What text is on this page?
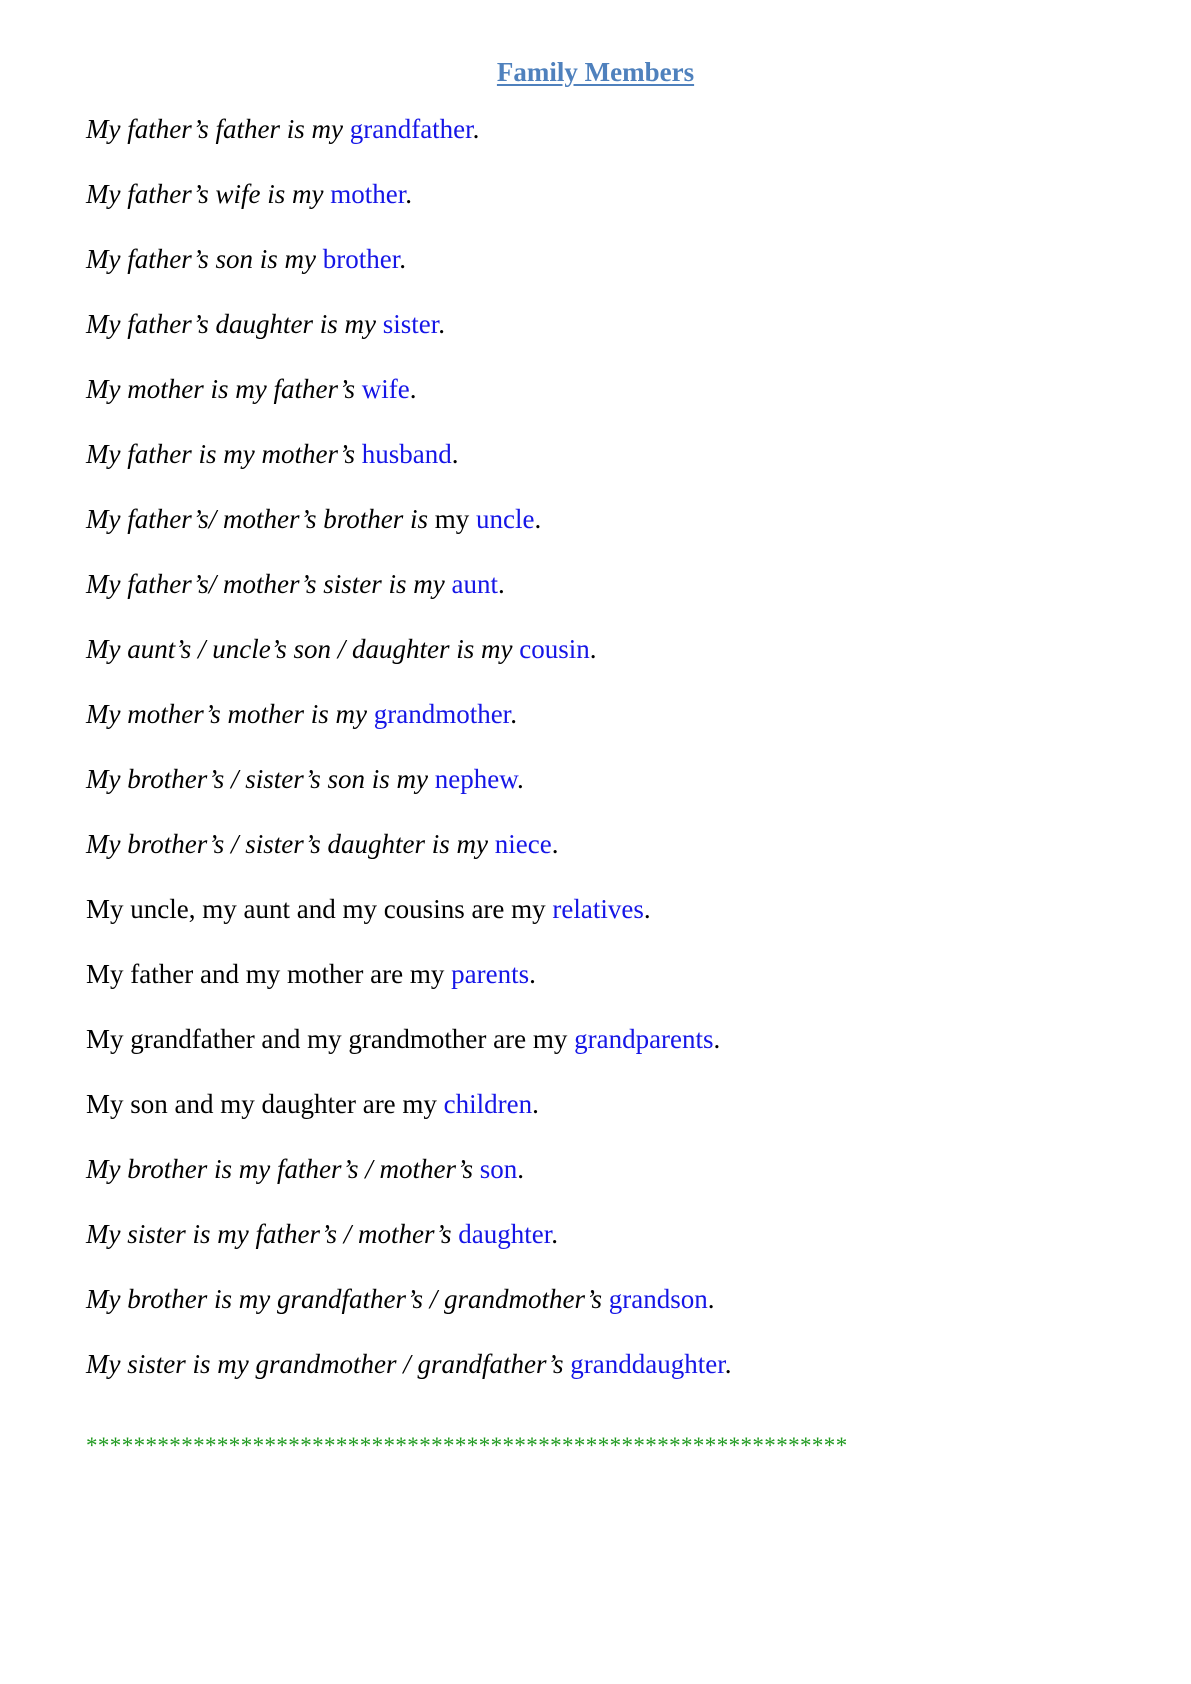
Family Members
My father’s father is my grandfather.
My father’s wife is my mother.
My father’s son is my brother.
My father’s daughter is my sister.
My mother is my father’s wife.
My father is my mother’s husband.
My father’s/ mother’s brother is my uncle.
My father’s/ mother’s sister is my aunt.
My aunt’s / uncle’s son / daughter is my cousin.
My mother’s mother is my grandmother.
My brother’s / sister’s son is my nephew.
My brother’s / sister’s daughter is my niece.
My uncle, my aunt and my cousins are my relatives.
My father and my mother are my parents.
My grandfather and my grandmother are my grandparents.
My son and my daughter are my children.
My brother is my father’s / mother’s son.
My sister is my father’s / mother’s daughter.
My brother is my grandfather’s / grandmother’s grandson.
My sister is my grandmother / grandfather’s granddaughter.
****************************************************************
